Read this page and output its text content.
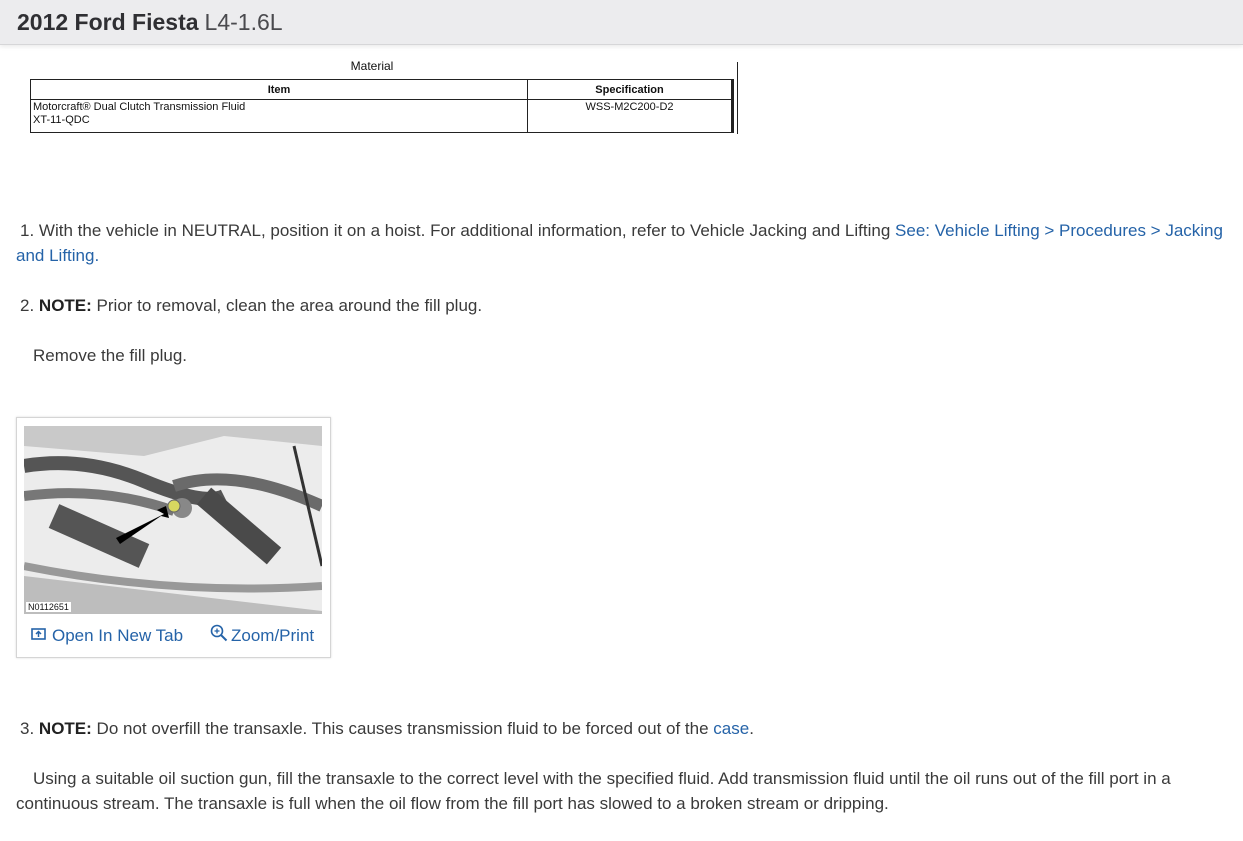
2012 Ford Fiesta L4-1.6L
Material
Item	Specification

Motorcraft® Dual Clutch Transmission Fluid
XT-11-QDC	WSS-M2C200-D2
1. With the vehicle in NEUTRAL, position it on a hoist. For additional information, refer to Vehicle Jacking and Lifting See: Vehicle Lifting > Procedures > Jacking and Lifting.
2. NOTE: Prior to removal, clean the area around the fill plug.
Remove the fill plug.
N0112651
Open In New Tab	Zoom/Print
3. NOTE: Do not overfill the transaxle. This causes transmission fluid to be forced out of the case.
Using a suitable oil suction gun, fill the transaxle to the correct level with the specified fluid. Add transmission fluid until the oil runs out of the fill port in a continuous stream. The transaxle is full when the oil flow from the fill port has slowed to a broken stream or dripping.
